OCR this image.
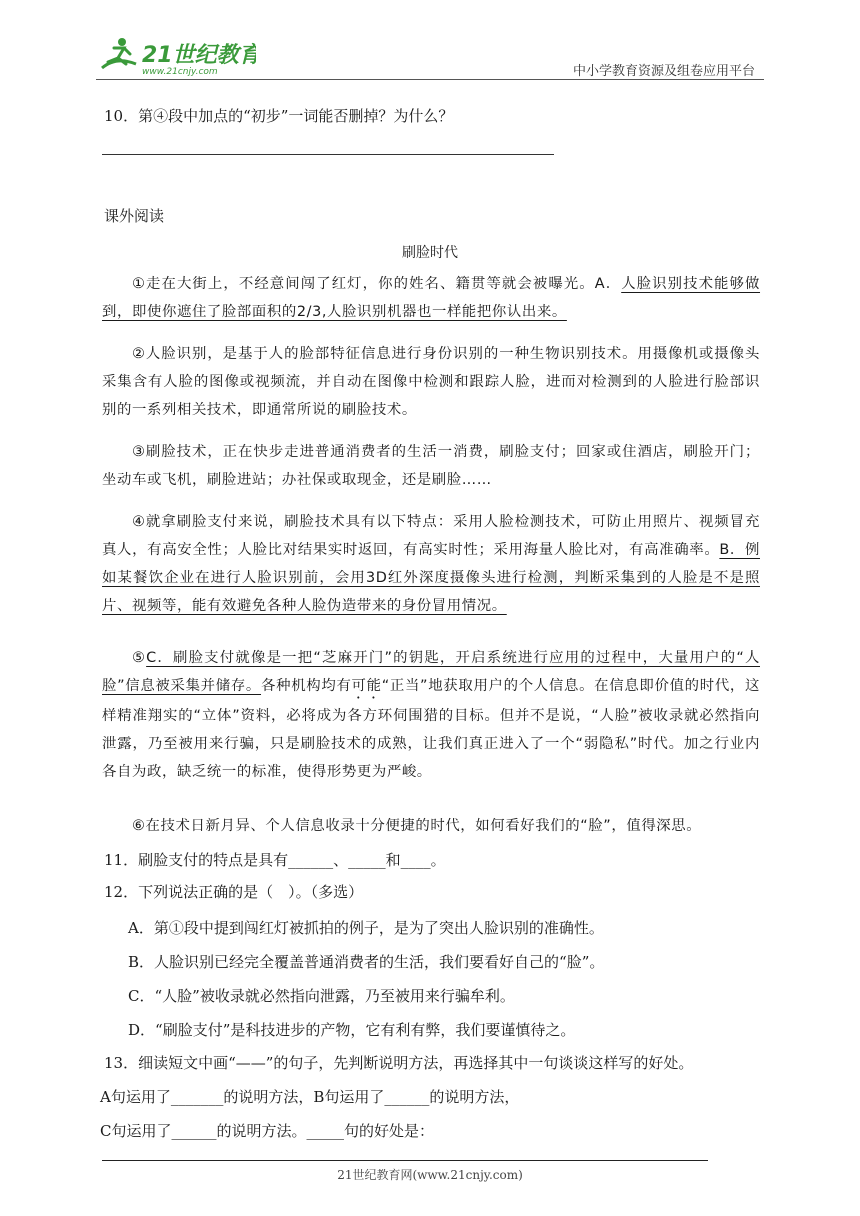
21世纪教育
www.21cnjy.com	中小学教育资源及组卷应用平台
10．第④段中加点的“初步”一词能否删掉？为什么？
课外阅读
刷脸时代
①走在大街上，不经意间闯了红灯，你的姓名、籍贯等就会被曝光。A．人脸识别技术能够做到，即使你遮住了脸部面积的2/3,人脸识别机器也一样能把你认出来。
②人脸识别，是基于人的脸部特征信息进行身份识别的一种生物识别技术。用摄像机或摄像头采集含有人脸的图像或视频流，并自动在图像中检测和跟踪人脸，进而对检测到的人脸进行脸部识别的一系列相关技术，即通常所说的刷脸技术。
③刷脸技术，正在快步走进普通消费者的生活一消费，刷脸支付；回家或住酒店，刷脸开门；坐动车或飞机，刷脸进站；办社保或取现金，还是刷脸……
④就拿刷脸支付来说，刷脸技术具有以下特点：采用人脸检测技术，可防止用照片、视频冒充真人，有高安全性；人脸比对结果实时返回，有高实时性；采用海量人脸比对，有高准确率。B．例如某餐饮企业在进行人脸识别前，会用3D红外深度摄像头进行检测，判断采集到的人脸是不是照片、视频等，能有效避免各种人脸伪造带来的身份冒用情况。
⑤C．刷脸支付就像是一把“芝麻开门”的钥匙，开启系统进行应用的过程中，大量用户的“人脸”信息被采集并储存。各种机构均有可能“正当”地获取用户的个人信息。在信息即价值的时代，这样精准翔实的“立体”资料，必将成为各方环伺围猎的目标。但并不是说，“人脸”被收录就必然指向泄露，乃至被用来行骗，只是刷脸技术的成熟，让我们真正进入了一个“弱隐私”时代。加之行业内各自为政，缺乏统一的标准，使得形势更为严峻。
⑥在技术日新月异、个人信息收录十分便捷的时代，如何看好我们的“脸”，值得深思。
11．刷脸支付的特点是具有______、_____和____。
12．下列说法正确的是（　）。（多选）
A．第①段中提到闯红灯被抓拍的例子，是为了突出人脸识别的准确性。
B．人脸识别已经完全覆盖普通消费者的生活，我们要看好自己的“脸”。
C．“人脸”被收录就必然指向泄露，乃至被用来行骗牟利。
D．“刷脸支付”是科技进步的产物，它有利有弊，我们要谨慎待之。
13．细读短文中画“——”的句子，先判断说明方法，再选择其中一句谈谈这样写的好处。
A句运用了_______的说明方法，B句运用了______的说明方法，
C句运用了______的说明方法。_____句的好处是：
21世纪教育网(www.21cnjy.com)
